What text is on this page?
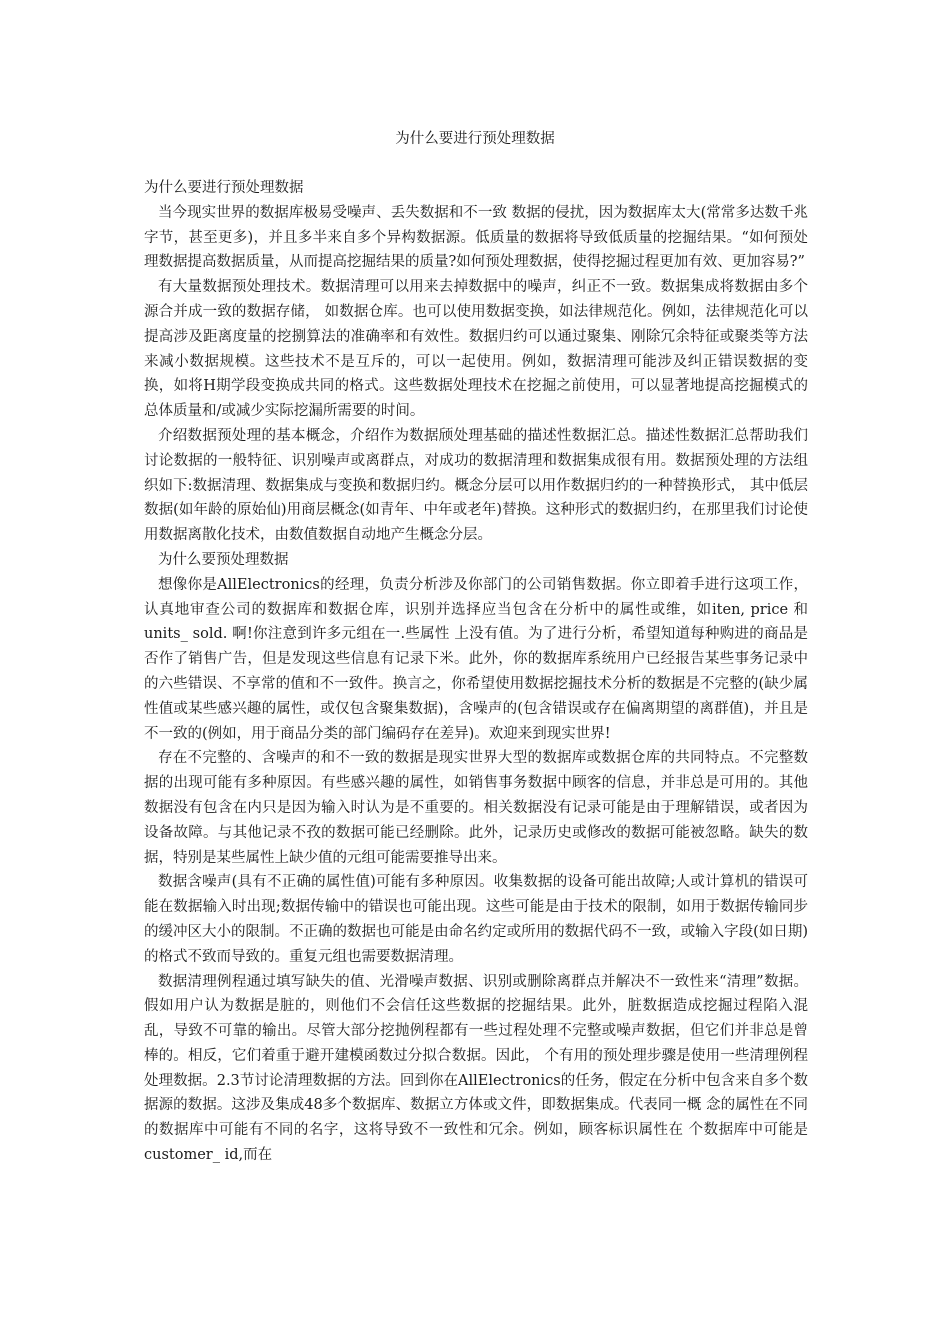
为什么要进行预处理数据

为什么要进行预处理数据

当今现实世界的数据库极易受噪声、丢失数据和不一致 数据的侵扰，因为数据库太大(常常多达数千兆字节，甚至更多)，并且多半来自多个异构数据源。低质量的数据将导致低质量的挖掘结果。“如何预处理数据提高数据质量，从而提高挖掘结果的质量?如何预处理数据，使得挖掘过程更加有效、更加容易?”

有大量数据预处理技术。数据清理可以用来去掉数据中的噪声，纠正不一致。数据集成将数据由多个源合并成一致的数据存储， 如数据仓库。也可以使用数据变换，如法律规范化。例如，法律规范化可以提高涉及距离度量的挖捌算法的准确率和有效性。数据归约可以通过聚集、刚除冗余特征或聚类等方法来减小数据规模。这些技术不是互斥的，可以一起使用。例如，数据清理可能涉及纠正错误数据的变换，如将H期学段变换成共同的格式。这些数据处理技术在挖掘之前使用，可以显著地提高挖掘模式的总体质量和/或减少实际挖漏所需要的时间。

介绍数据预处理的基本概念，介绍作为数据颀处理基础的描述性数据汇总。描述性数据汇总帮助我们讨论数据的一般特征、识别噪声或离群点，对成功的数据清理和数据集成很有用。数据预处理的方法组织如下:数据清理、数据集成与变换和数据归约。概念分层可以用作数据归约的一种替换形式， 其中低层数据(如年龄的原始仙)用商层概念(如青年、中年或老年)替换。这种形式的数据归约，在那里我们讨论使用数据离散化技术，由数值数据自动地产生概念分层。

为什么要预处理数据

想像你是AllElectronics的经理，负责分析涉及你部门的公司销售数据。你立即着手进行这项工作，认真地审查公司的数据库和数据仓库，识别并选择应当包含在分析中的属性或维，如iten, price 和units_ sold. 啊!你注意到许多元组在一.些属性 上没有值。为了进行分析，希望知道每种购进的商品是否作了销售广告，但是发现这些信息有记录下米。此外，你的数据库系统用户已经报告某些事务记录中的六些错误、不享常的值和不一致件。换言之，你希望使用数据挖掘技术分析的数据是不完整的(缺少属性值或某些感兴趣的属性，或仅包含聚集数据)，含噪声的(包含错误或存在偏离期望的离群值)，并且是不一致的(例如，用于商品分类的部门编码存在差异)。欢迎来到现实世界!

存在不完整的、含噪声的和不一致的数据是现实世界大型的数据库或数据仓库的共同特点。不完整数据的出现可能有多种原因。有些感兴趣的属性，如销售事务数据中顾客的信息，并非总是可用的。其他数据没有包含在内只是因为输入时认为是不重要的。相关数据没有记录可能是由于理解错误，或者因为设备故障。与其他记录不孜的数据可能已经删除。此外，记录历史或修改的数据可能被忽略。缺失的数据，特别是某些属性上缺少值的元组可能需要推导出来。

数据含噪声(具有不正确的属性值)可能有多种原因。收集数据的设备可能出故障;人或计算机的错误可能在数据输入时出现;数据传输中的错误也可能出现。这些可能是由于技术的限制，如用于数据传输同步的缓冲区大小的限制。不正确的数据也可能是由命名约定或所用的数据代码不一致，或输入字段(如日期)的格式不致而导致的。重复元组也需要数据清理。

数据清理例程通过填写缺失的值、光滑噪声数据、识别或删除离群点并解决不一致性来“清理”数据。假如用户认为数据是脏的，则他们不会信任这些数据的挖掘结果。此外，脏数据造成挖掘过程陷入混乱，导致不可靠的输出。尽管大部分挖抛例程都有一些过程处理不完整或噪声数据，但它们并非总是曾棒的。相反，它们着重于避开建模函数过分拟合数据。因此， 个有用的预处理步骤是使用一些清理例程处理数据。2.3节讨论清理数据的方法。回到你在AllElectronics的任务，假定在分析中包含来自多个数据源的数据。这涉及集成48多个数据库、数据立方体或文件，即数据集成。代表同一概 念的属性在不同的数据库中可能有不同的名字，这将导致不一致性和冗余。例如，顾客标识属性在 个数据库中可能是customer_ id,而在
